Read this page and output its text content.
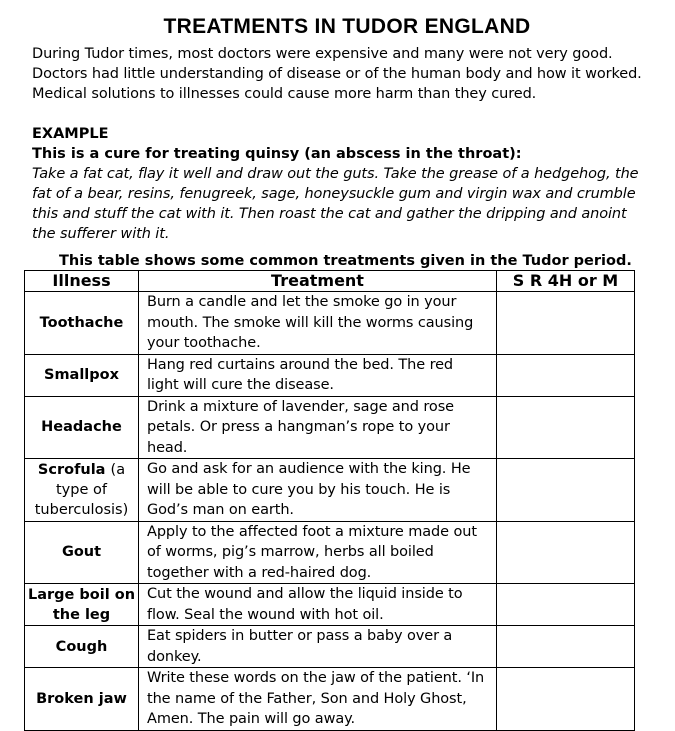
TREATMENTS IN TUDOR ENGLAND

During Tudor times, most doctors were expensive and many were not very good. Doctors had little understanding of disease or of the human body and how it worked. Medical solutions to illnesses could cause more harm than they cured.

EXAMPLE
This is a cure for treating quinsy (an abscess in the throat):
Take a fat cat, flay it well and draw out the guts. Take the grease of a hedgehog, the fat of a bear, resins, fenugreek, sage, honeysuckle gum and virgin wax and crumble this and stuff the cat with it. Then roast the cat and gather the dripping and anoint the sufferer with it.
This table shows some common treatments given in the Tudor period.
Illness	Treatment	S R 4H or M
Toothache	Burn a candle and let the smoke go in your mouth. The smoke will kill the worms causing your toothache.	
Smallpox	Hang red curtains around the bed. The red light will cure the disease.	
Headache	Drink a mixture of lavender, sage and rose petals. Or press a hangman’s rope to your head.	
Scrofula (a type of tuberculosis)	Go and ask for an audience with the king. He will be able to cure you by his touch. He is God’s man on earth.	
Gout	Apply to the affected foot a mixture made out of worms, pig’s marrow, herbs all boiled together with a red-haired dog.	
Large boil on the leg	Cut the wound and allow the liquid inside to flow. Seal the wound with hot oil.	
Cough	Eat spiders in butter or pass a baby over a donkey.	
Broken jaw	Write these words on the jaw of the patient. ‘In the name of the Father, Son and Holy Ghost, Amen. The pain will go away.	
